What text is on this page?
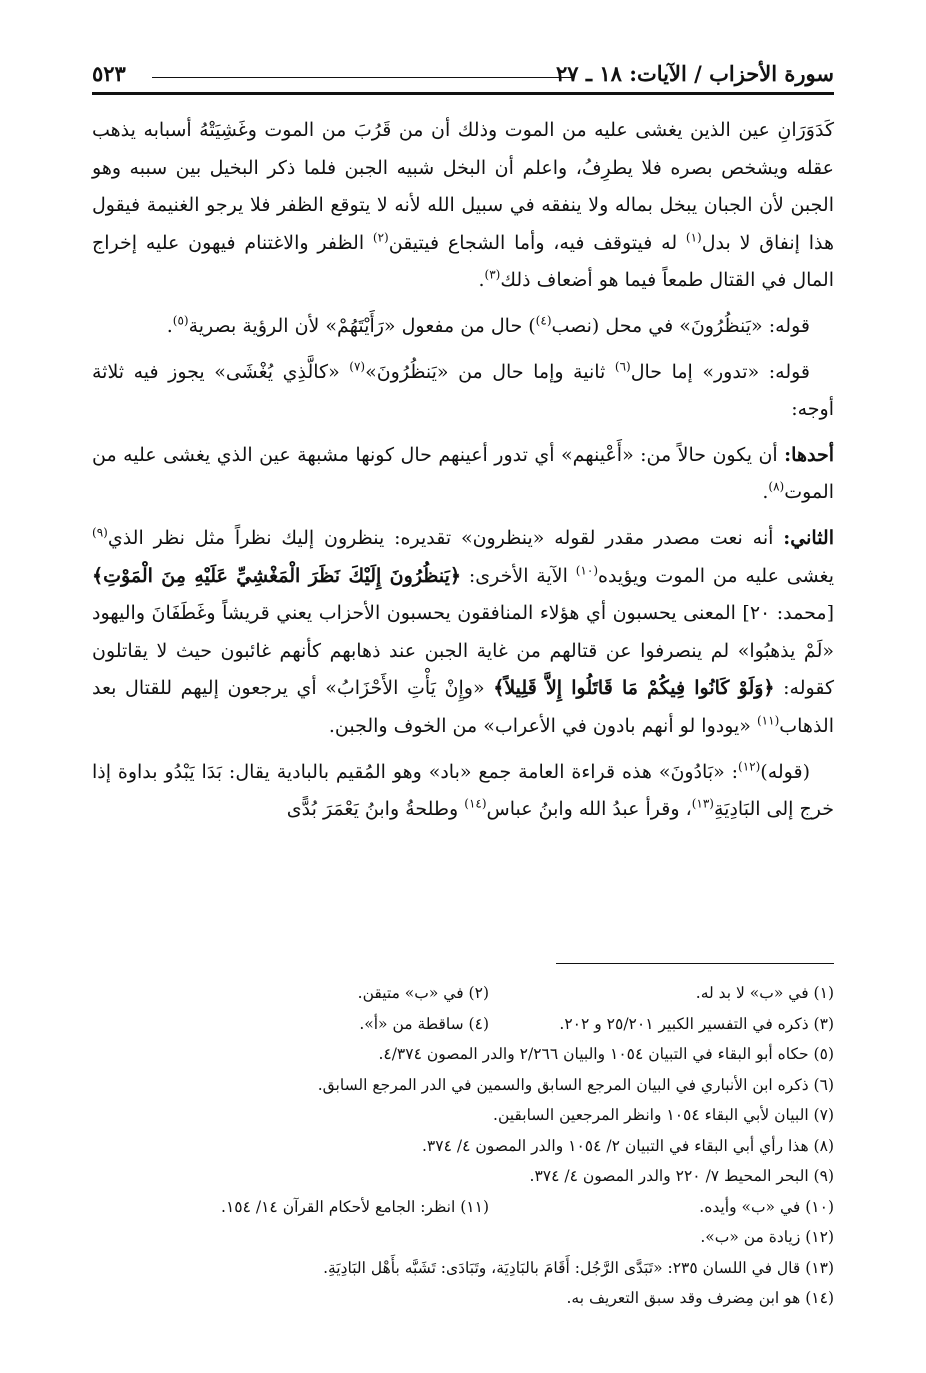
سورة الأحزاب / الآيات: ١٨ ـ ٢٧
٥٢٣

كَدَوَرَانِ عين الذين يغشى عليه من الموت وذلك أن من قَرُبَ من الموت وغَشِيَتْهُ أسبابه يذهب عقله ويشخص بصره فلا يطرِفُ، واعلم أن البخل شبيه الجبن فلما ذكر البخيل بين سببه وهو الجبن لأن الجبان يبخل بماله ولا ينفقه في سبيل الله لأنه لا يتوقع الظفر فلا يرجو الغنيمة فيقول هذا إنفاق لا بدل$^{(١)}$ له فيتوقف فيه، وأما الشجاع فيتيقن$^{(٢)}$ الظفر والاغتنام فيهون عليه إخراج المال في القتال طمعاً فيما هو أضعاف ذلك$^{(٣)}$.

قوله: «يَنظُرُونَ» في محل (نصب$^{(٤)}$) حال من مفعول «رَأَيْتَهُمْ» لأن الرؤية بصرية$^{(٥)}$.

قوله: «تدور» إما حال$^{(٦)}$ ثانية وإما حال من «يَنظُرُونَ»$^{(٧)}$ «كالَّذِي يُغْشَى» يجوز فيه ثلاثة أوجه:

أحدها: أن يكون حالاً من: «أَعْينهم» أي تدور أعينهم حال كونها مشبهة عين الذي يغشى عليه من الموت$^{(٨)}$.

الثاني: أنه نعت مصدر مقدر لقوله «ينظرون» تقديره: ينظرون إليك نظراً مثل نظر الذي$^{(٩)}$ يغشى عليه من الموت ويؤيده$^{(١٠)}$ الآية الأخرى: ﴿يَنظُرُونَ إِلَيْكَ نَظَرَ الْمَغْشِيِّ عَلَيْهِ مِنَ الْمَوْتِ﴾ [محمد: ٢٠] المعنى يحسبون أي هؤلاء المنافقون يحسبون الأحزاب يعني قريشاً وغَطَفَانَ واليهود «لَمْ يذهبُوا» لم ينصرفوا عن قتالهم من غاية الجبن عند ذهابهم كأنهم غائبون حيث لا يقاتلون كقوله: ﴿وَلَوْ كَانُوا فِيكُمْ مَا قَاتَلُوا إِلاَّ قَلِيلاً﴾ «وإِنْ يَأْتِ الأَحْزَابُ» أي يرجعون إليهم للقتال بعد الذهاب$^{(١١)}$ «يودوا لو أنهم بادون في الأعراب» من الخوف والجبن.

(قوله)$^{(١٢)}$: «بَادُونَ» هذه قراءة العامة جمع «باد» وهو المُقيم بالبادية يقال: بَدَا يَبْدُو بداوة إذا خرج إلى البَادِيَةِ$^{(١٣)}$، وقرأ عبدُ الله وابنُ عباس$^{(١٤)}$ وطلحةُ وابنُ يَعْمَرَ بُدًّى

(١) في «ب» لا بد له.
(٢) في «ب» متيقن.
(٣) ذكره في التفسير الكبير ٢٥/٢٠١ و ٢٠٢.
(٤) ساقطة من «أ».
(٥) حكاه أبو البقاء في التبيان ١٠٥٤ والبيان ٢/٢٦٦ والدر المصون ٤/٣٧٤.
(٦) ذكره ابن الأنباري في البيان المرجع السابق والسمين في الدر المرجع السابق.
(٧) البيان لأبي البقاء ١٠٥٤ وانظر المرجعين السابقين.
(٨) هذا رأي أبي البقاء في التبيان ٢/ ١٠٥٤ والدر المصون ٤/ ٣٧٤.
(٩) البحر المحيط ٧/ ٢٢٠ والدر المصون ٤/ ٣٧٤.
(١٠) في «ب» وأيده.
(١١) انظر: الجامع لأحكام القرآن ١٤/ ١٥٤.
(١٢) زيادة من «ب».
(١٣) قال في اللسان ٢٣٥: «تَبَدَّى الرَّجُل: أَقَامَ بالبَادِيَة، وتَبَادَى: تَشَبَّه بأَهْل البَادِيَةِ.
(١٤) هو ابن مِضرف وقد سبق التعريف به.
